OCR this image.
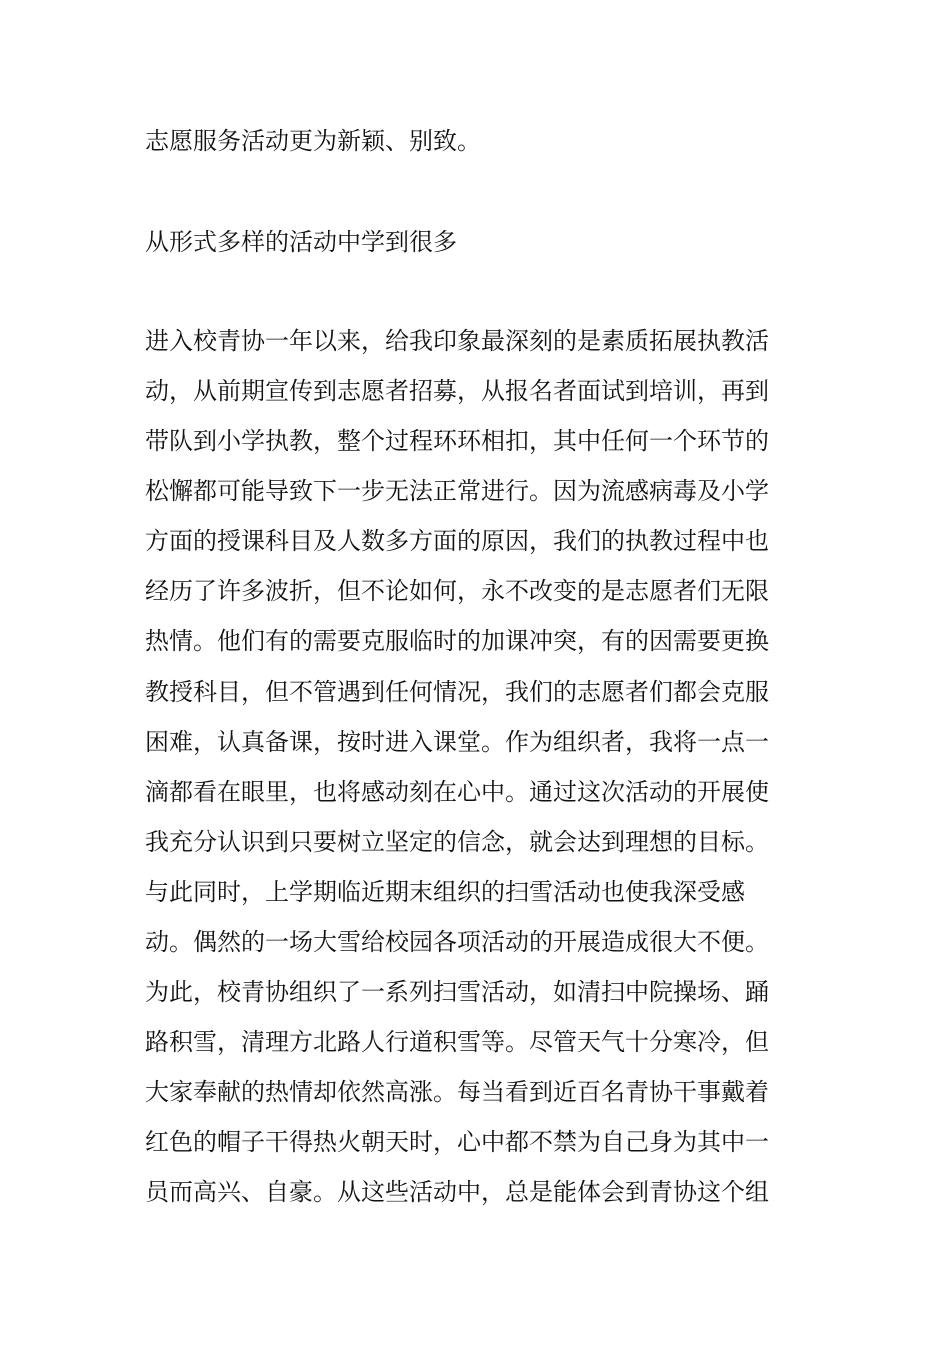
志愿服务活动更为新颖、别致。

从形式多样的活动中学到很多

进入校青协一年以来，给我印象最深刻的是素质拓展执教活

动，从前期宣传到志愿者招募，从报名者面试到培训，再到

带队到小学执教，整个过程环环相扣，其中任何一个环节的

松懈都可能导致下一步无法正常进行。因为流感病毒及小学

方面的授课科目及人数多方面的原因，我们的执教过程中也

经历了许多波折，但不论如何，永不改变的是志愿者们无限

热情。他们有的需要克服临时的加课冲突，有的因需要更换

教授科目，但不管遇到任何情况，我们的志愿者们都会克服

困难，认真备课，按时进入课堂。作为组织者，我将一点一

滴都看在眼里，也将感动刻在心中。通过这次活动的开展使

我充分认识到只要树立坚定的信念，就会达到理想的目标。

与此同时，上学期临近期末组织的扫雪活动也使我深受感

动。偶然的一场大雪给校园各项活动的开展造成很大不便。

为此，校青协组织了一系列扫雪活动，如清扫中院操场、踊

路积雪，清理方北路人行道积雪等。尽管天气十分寒冷，但

大家奉献的热情却依然高涨。每当看到近百名青协干事戴着

红色的帽子干得热火朝天时，心中都不禁为自己身为其中一

员而高兴、自豪。从这些活动中，总是能体会到青协这个组
